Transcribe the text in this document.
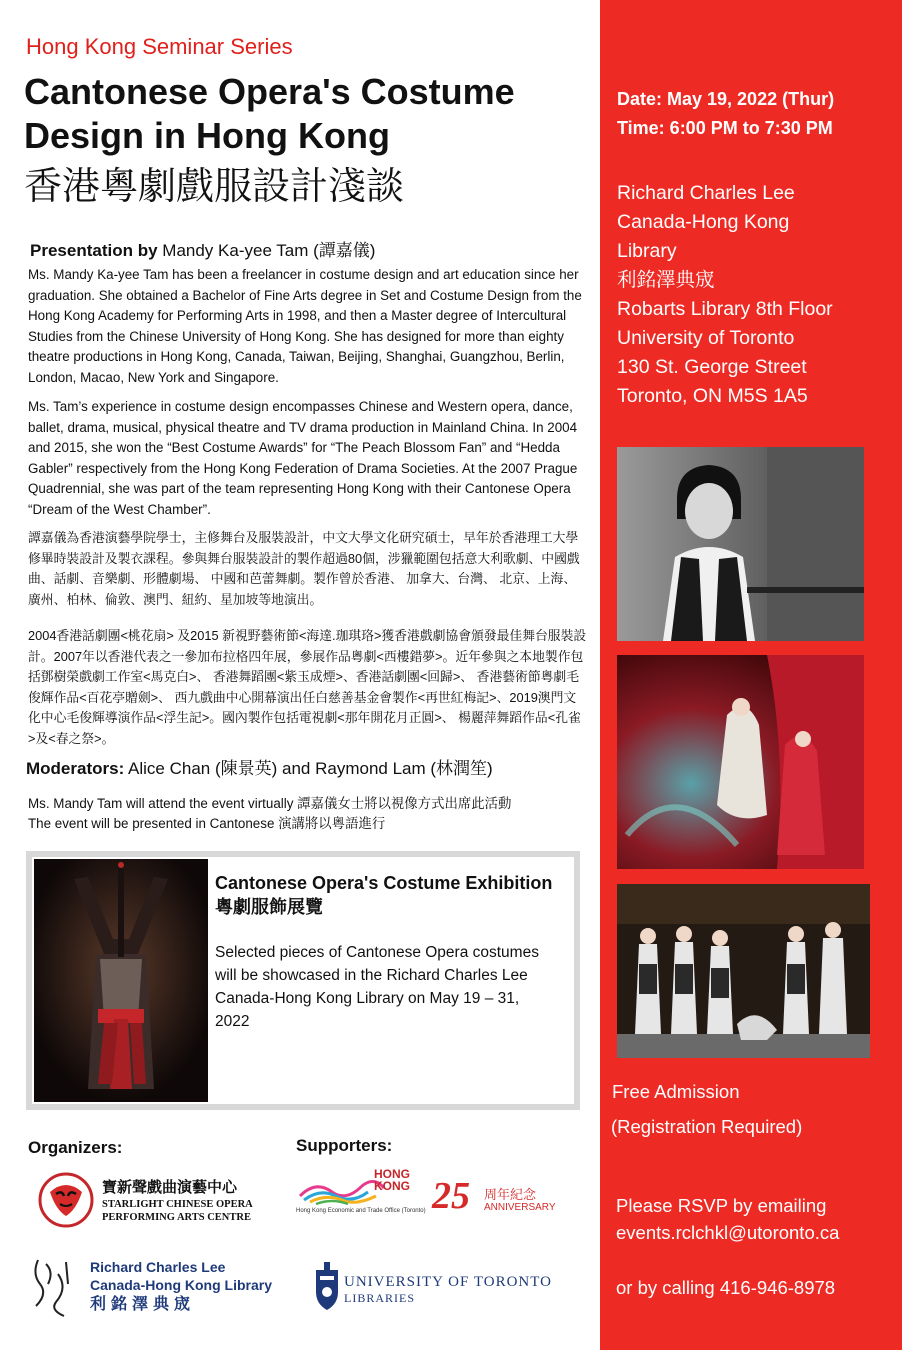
Hong Kong Seminar Series
Cantonese Opera's Costume
Design in Hong Kong
香港粵劇戲服設計淺談
Presentation by Mandy Ka-yee Tam (譚嘉儀)

Ms. Mandy Ka-yee Tam has been a freelancer in costume design and art education since her graduation. She obtained a Bachelor of Fine Arts degree in Set and Costume Design from the Hong Kong Academy for Performing Arts in 1998, and then a Master degree of Intercultural Studies from the Chinese University of Hong Kong. She has designed for more than eighty theatre productions in Hong Kong, Canada, Taiwan, Beijing, Shanghai, Guangzhou, Berlin, London, Macao, New York and Singapore.

Ms. Tam’s experience in costume design encompasses Chinese and Western opera, dance, ballet, drama, musical, physical theatre and TV drama production in Mainland China. In 2004 and 2015, she won the “Best Costume Awards” for “The Peach Blossom Fan” and “Hedda Gabler” respectively from the Hong Kong Federation of Drama Societies. At the 2007 Prague Quadrennial, she was part of the team representing Hong Kong with their Cantonese Opera “Dream of the West Chamber”.

譚嘉儀為香港演藝學院學士，主修舞台及服裝設計，中文大學文化研究碩士，早年於香港理工大學修畢時裝設計及製衣課程。參與舞台服裝設計的製作超過80個，涉獵範圍包括意大利歌劇、中國戲曲、話劇、音樂劇、形體劇場、 中國和芭蕾舞劇。製作曾於香港、 加拿大、台灣、 北京、上海、廣州、柏林、倫敦、澳門、紐約、星加坡等地演出。

2004香港話劇團<桃花扇> 及2015 新視野藝術節<海達.珈琪珞>獲香港戲劇協會頒發最佳舞台服裝設計。2007年以香港代表之一參加布拉格四年展，參展作品粵劇<西樓錯夢>。近年參與之本地製作包括鄧樹榮戲劇工作室<馬克白>、 香港舞蹈團<紫玉成煙>、香港話劇團<回歸>、 香港藝術節粵劇毛俊輝作品<百花亭贈劍>、 西九戲曲中心開幕演出任白慈善基金會製作<再世紅梅記>、2019澳門文化中心毛俊輝導演作品<浮生記>。國內製作包括電視劇<那年開花月正圓>、 楊麗萍舞蹈作品<孔雀>及<春之祭>。

Moderators: Alice Chan (陳景英) and Raymond Lam (林潤笙)
Ms. Mandy Tam will attend the event virtually 譚嘉儀女士將以視像方式出席此活動
The event will be presented in Cantonese 演講將以粵語進行
Cantonese Opera's Costume Exhibition
粵劇服飾展覽
Selected pieces of Cantonese Opera costumes will be showcased in the Richard Charles Lee Canada-Hong Kong Library on May 19 – 31, 2022
Organizers:
寶新聲戲曲演藝中心
STARLIGHT CHINESE OPERA
PERFORMING ARTS CENTRE
Richard Charles Lee
Canada-Hong Kong Library
利銘澤典宬
Supporters:
HONG
KONG
Hong Kong Economic and Trade Office (Toronto) 25 周年紀念
ANNIVERSARY
UNIVERSITY OF TORONTO
LIBRARIES
Date: May 19, 2022 (Thur)
Time: 6:00 PM to 7:30 PM
Richard Charles Lee
Canada-Hong Kong
Library
利銘澤典宬
Robarts Library 8th Floor
University of Toronto
130 St. George Street
Toronto, ON M5S 1A5
Free Admission
(Registration Required)
Please RSVP by emailing
events.rclchkl@utoronto.ca
or by calling 416-946-8978
